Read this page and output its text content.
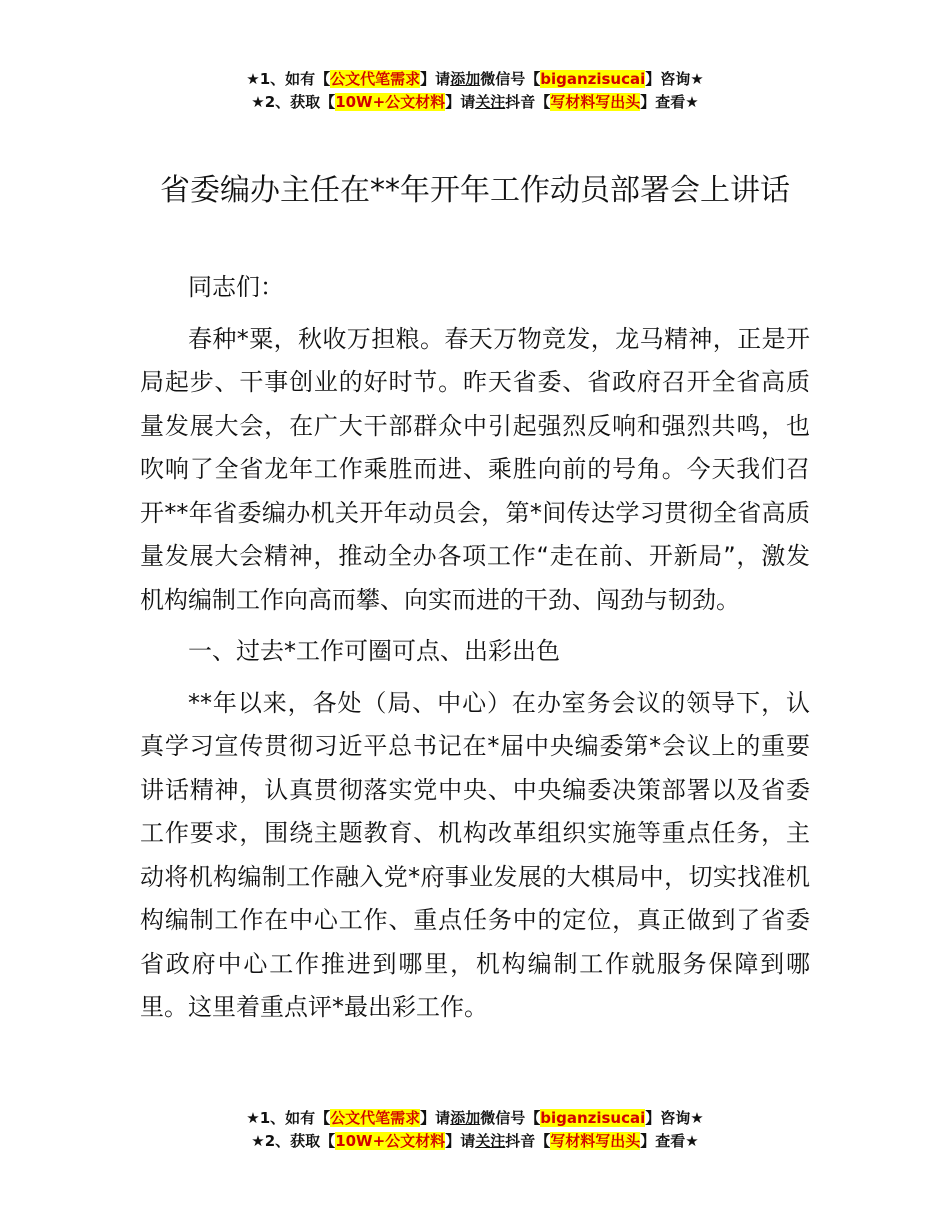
★1、如有【公文代笔需求】请添加微信号【biganzisucai】咨询★
★2、获取【10W+公文材料】请关注抖音【写材料写出头】查看★
省委编办主任在**年开年工作动员部署会上讲话

同志们：

春种*粟，秋收万担粮。春天万物竞发，龙马精神，正是开局起步、干事创业的好时节。昨天省委、省政府召开全省高质量发展大会，在广大干部群众中引起强烈反响和强烈共鸣，也吹响了全省龙年工作乘胜而进、乘胜向前的号角。今天我们召开**年省委编办机关开年动员会，第*间传达学习贯彻全省高质量发展大会精神，推动全办各项工作“走在前、开新局”，激发机构编制工作向高而攀、向实而进的干劲、闯劲与韧劲。

一、过去*工作可圈可点、出彩出色

**年以来，各处（局、中心）在办室务会议的领导下，认真学习宣传贯彻习近平总书记在*届中央编委第*会议上的重要讲话精神，认真贯彻落实党中央、中央编委决策部署以及省委工作要求，围绕主题教育、机构改革组织实施等重点任务，主动将机构编制工作融入党*府事业发展的大棋局中，切实找准机构编制工作在中心工作、重点任务中的定位，真正做到了省委省政府中心工作推进到哪里，机构编制工作就服务保障到哪里。这里着重点评*最出彩工作。

★1、如有【公文代笔需求】请添加微信号【biganzisucai】咨询★
★2、获取【10W+公文材料】请关注抖音【写材料写出头】查看★
